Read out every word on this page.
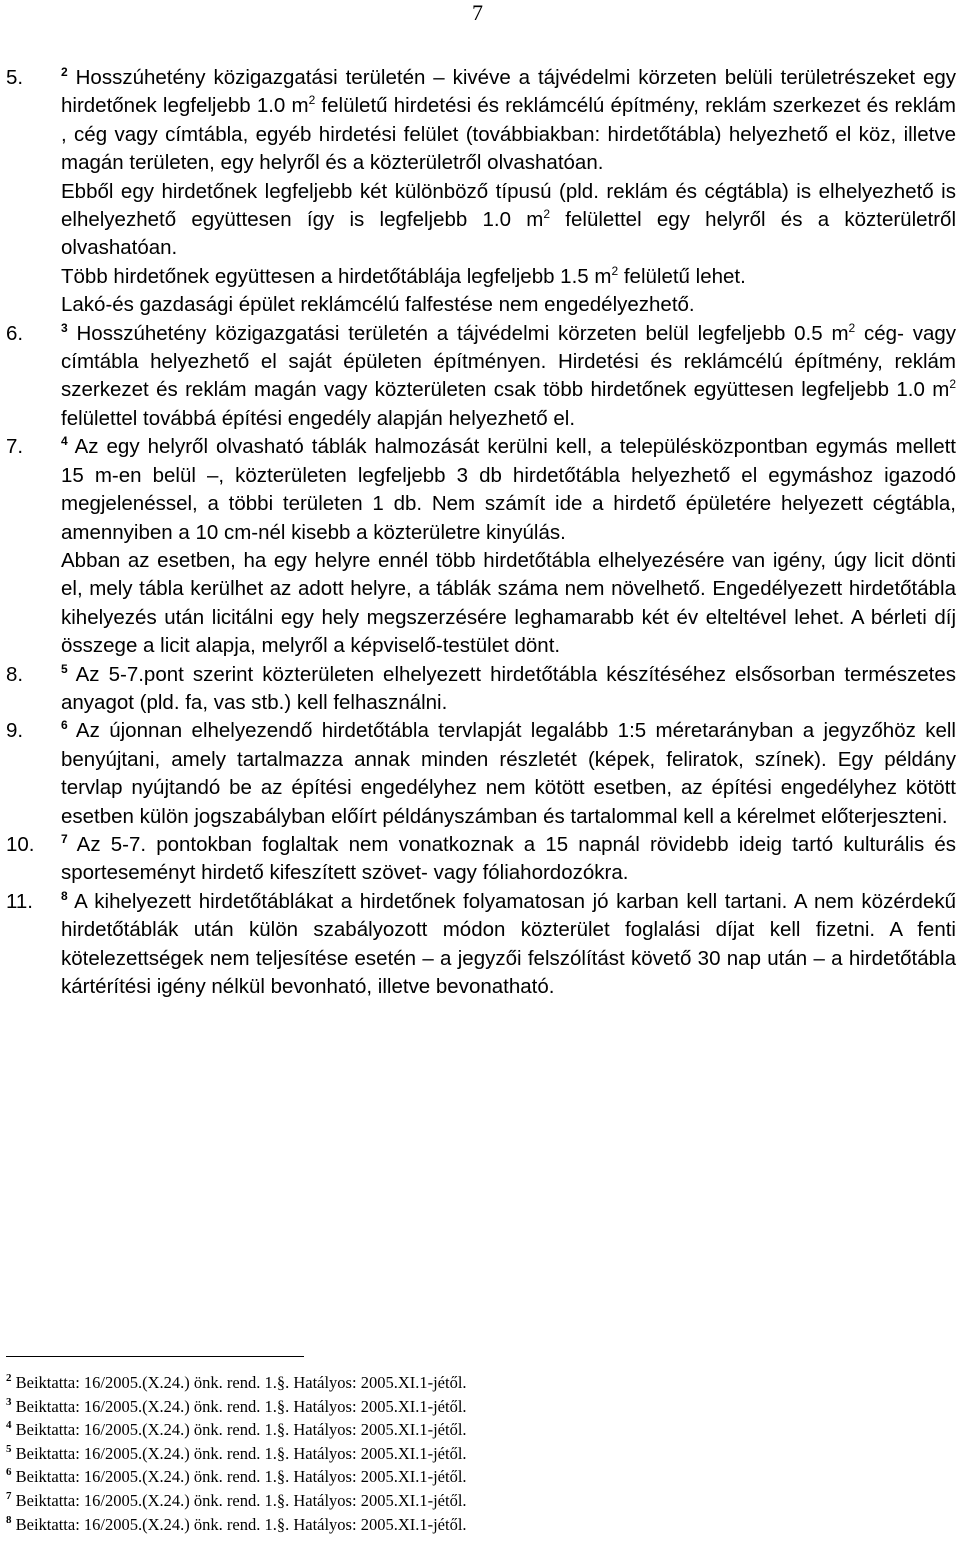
7
5.	$^2$ Hosszúhetény közigazgatási területén – kivéve a tájvédelmi körzeten belüli területrészeket egy hirdetőnek legfeljebb 1.0 $m^2$ felületű hirdetési és reklámcélú építmény, reklám szerkezet és reklám , cég vagy címtábla, egyéb hirdetési felület (továbbiakban: hirdetőtábla) helyezhető el köz, illetve magán területen, egy helyről és a közterületről olvashatóan.

Ebből egy hirdetőnek legfeljebb két különböző típusú (pld. reklám és cégtábla) is elhelyezhető is elhelyezhető együttesen így is legfeljebb 1.0 $m^2$ felülettel egy helyről és a közterületről olvashatóan.

Több hirdetőnek együttesen a hirdetőtáblája legfeljebb 1.5 $m^2$ felületű lehet.

Lakó-és gazdasági épület reklámcélú falfestése nem engedélyezhető.

6.	$^3$ Hosszúhetény közigazgatási területén a tájvédelmi körzeten belül legfeljebb 0.5 $m^2$ cég- vagy címtábla helyezhető el saját épületen építményen. Hirdetési és reklámcélú építmény, reklám szerkezet és reklám magán vagy közterületen csak több hirdetőnek együttesen legfeljebb 1.0 $m^2$ felülettel továbbá építési engedély alapján helyezhető el.

7.	$^4$ Az egy helyről olvasható táblák halmozását kerülni kell, a településközpontban egymás mellett 15 m-en belül –, közterületen legfeljebb 3 db hirdetőtábla helyezhető el egymáshoz igazodó megjelenéssel, a többi területen 1 db. Nem számít ide a hirdető épületére helyezett cégtábla, amennyiben a 10 cm-nél kisebb a közterületre kinyúlás.

Abban az esetben, ha egy helyre ennél több hirdetőtábla elhelyezésére van igény, úgy licit dönti el, mely tábla kerülhet az adott helyre, a táblák száma nem növelhető. Engedélyezett hirdetőtábla kihelyezés után licitálni egy hely megszerzésére leghamarabb két év elteltével lehet. A bérleti díj összege a licit alapja, melyről a képviselő-testület dönt.

8.	$^5$ Az 5-7.pont szerint közterületen elhelyezett hirdetőtábla készítéséhez elsősorban természetes anyagot (pld. fa, vas stb.) kell felhasználni.

9.	$^6$ Az újonnan elhelyezendő hirdetőtábla tervlapját legalább 1:5 méretarányban a jegyzőhöz kell benyújtani, amely tartalmazza annak minden részletét (képek, feliratok, színek). Egy példány tervlap nyújtandó be az építési engedélyhez nem kötött esetben, az építési engedélyhez kötött esetben külön jogszabályban előírt példányszámban és tartalommal kell a kérelmet előterjeszteni.

10. $^7$ Az 5-7. pontokban foglaltak nem vonatkoznak a 15 napnál rövidebb ideig tartó kulturális és sporteseményt hirdető kifeszített szövet- vagy fóliahordozókra.

11. $^8$ A kihelyezett hirdetőtáblákat a hirdetőnek folyamatosan jó karban kell tartani. A nem közérdekű hirdetőtáblák után külön szabályozott módon közterület foglalási díjat kell fizetni. A fenti kötelezettségek nem teljesítése esetén – a jegyzői felszólítást követő 30 nap után – a hirdetőtábla kártérítési igény nélkül bevonható, illetve bevonatható.

$^2$ Beiktatta: 16/2005.(X.24.) önk. rend. 1.§. Hatályos: 2005.XI.1-jétől.
$^3$ Beiktatta: 16/2005.(X.24.) önk. rend. 1.§. Hatályos: 2005.XI.1-jétől.
$^4$ Beiktatta: 16/2005.(X.24.) önk. rend. 1.§. Hatályos: 2005.XI.1-jétől.
$^5$ Beiktatta: 16/2005.(X.24.) önk. rend. 1.§. Hatályos: 2005.XI.1-jétől.
$^6$ Beiktatta: 16/2005.(X.24.) önk. rend. 1.§. Hatályos: 2005.XI.1-jétől.
$^7$ Beiktatta: 16/2005.(X.24.) önk. rend. 1.§. Hatályos: 2005.XI.1-jétől.
$^8$ Beiktatta: 16/2005.(X.24.) önk. rend. 1.§. Hatályos: 2005.XI.1-jétől.
